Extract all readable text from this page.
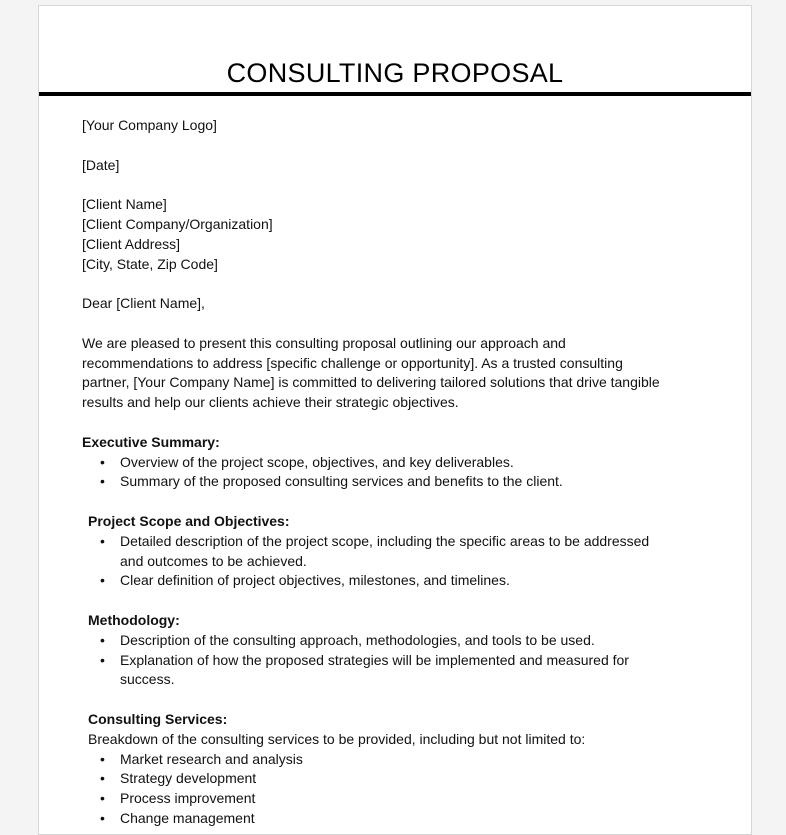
CONSULTING PROPOSAL
[Your Company Logo]
[Date]
[Client Name]
[Client Company/Organization]
[Client Address]
[City, State, Zip Code]
Dear [Client Name],
We are pleased to present this consulting proposal outlining our approach and
recommendations to address [specific challenge or opportunity]. As a trusted consulting
partner, [Your Company Name] is committed to delivering tailored solutions that drive tangible
results and help our clients achieve their strategic objectives.
Executive Summary:
• Overview of the project scope, objectives, and key deliverables.
• Summary of the proposed consulting services and benefits to the client.
Project Scope and Objectives:
• Detailed description of the project scope, including the specific areas to be addressed
and outcomes to be achieved.
• Clear definition of project objectives, milestones, and timelines.
Methodology:
• Description of the consulting approach, methodologies, and tools to be used.
• Explanation of how the proposed strategies will be implemented and measured for
success.
Consulting Services:
Breakdown of the consulting services to be provided, including but not limited to:
• Market research and analysis
• Strategy development
• Process improvement
• Change management
